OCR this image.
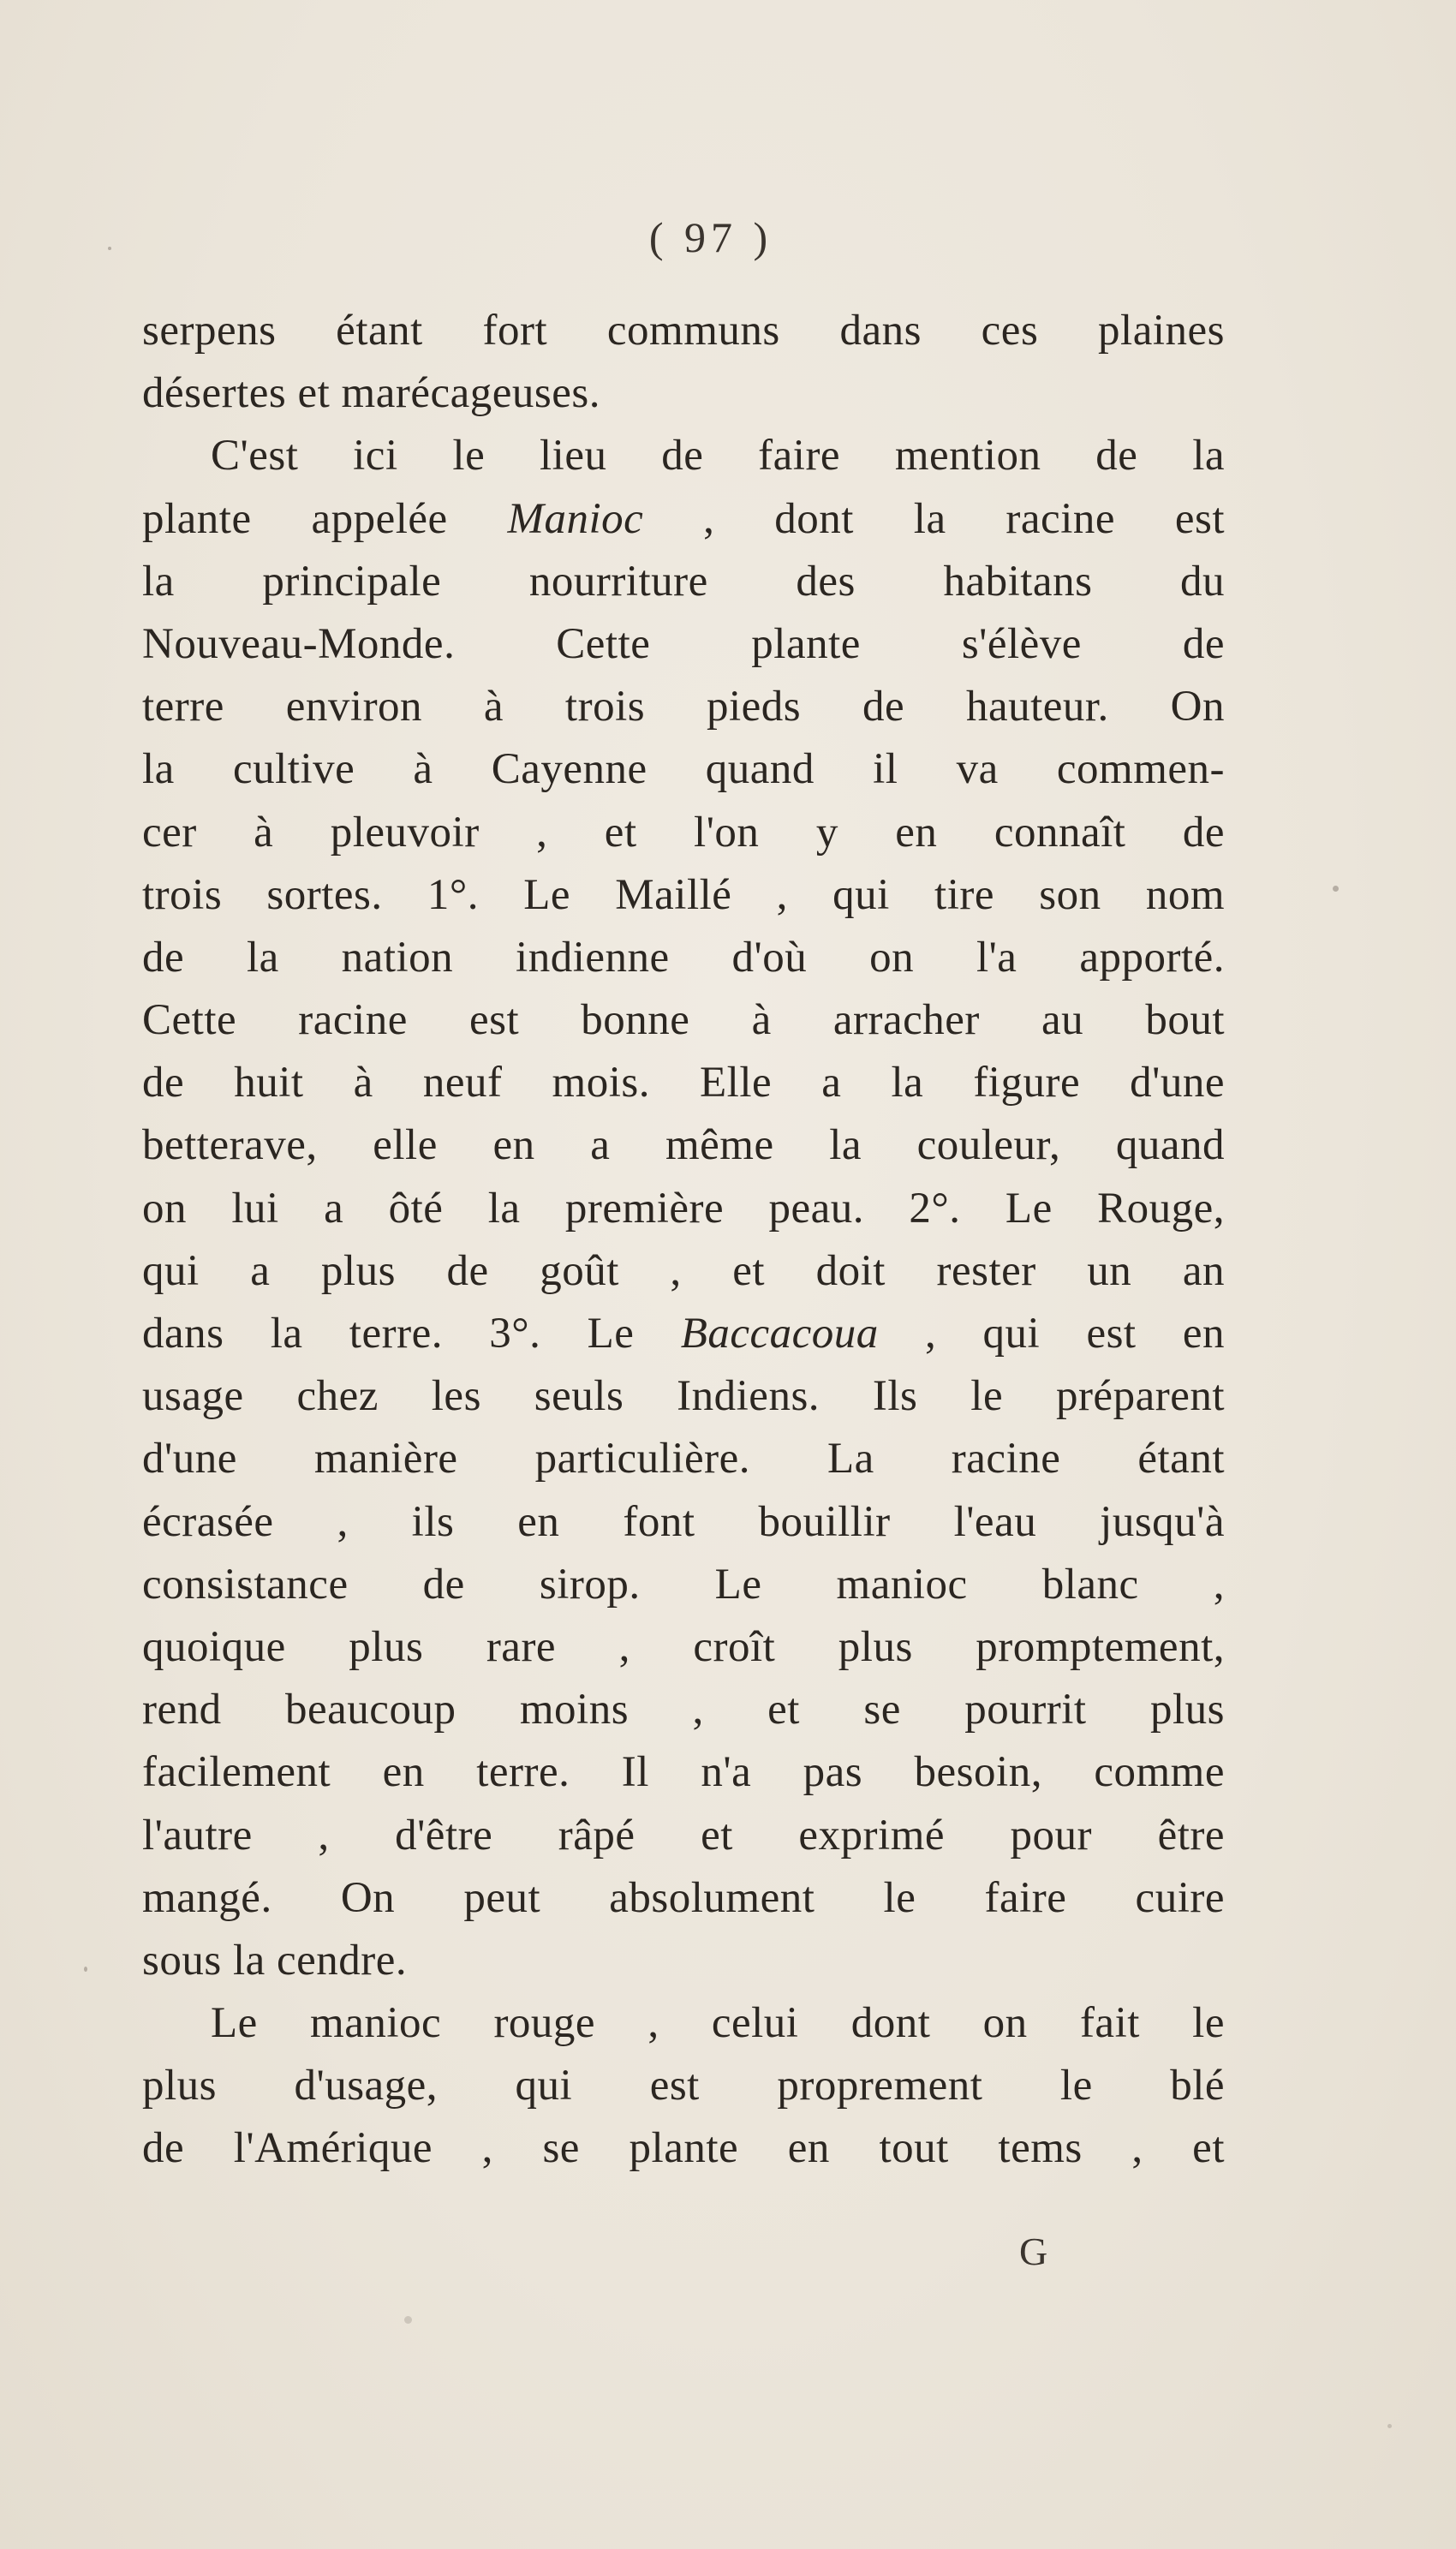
( 97 )
serpens étant fort communs dans ces plaines
désertes et marécageuses.
C'est ici le lieu de faire mention de la
plante appelée Manioc , dont la racine est
la principale nourriture des habitans du
Nouveau-Monde. Cette plante s'élève de
terre environ à trois pieds de hauteur. On
la cultive à Cayenne quand il va commen-
cer à pleuvoir , et l'on y en connaît de
trois sortes. 1°. Le Maillé , qui tire son nom
de la nation indienne d'où on l'a apporté.
Cette racine est bonne à arracher au bout
de huit à neuf mois. Elle a la figure d'une
betterave, elle en a même la couleur, quand
on lui a ôté la première peau. 2°. Le Rouge,
qui a plus de goût , et doit rester un an
dans la terre. 3°. Le Baccacoua , qui est en
usage chez les seuls Indiens. Ils le préparent
d'une manière particulière. La racine étant
écrasée , ils en font bouillir l'eau jusqu'à
consistance de sirop. Le manioc blanc ,
quoique plus rare , croît plus promptement,
rend beaucoup moins , et se pourrit plus
facilement en terre. Il n'a pas besoin, comme
l'autre , d'être râpé et exprimé pour être
mangé. On peut absolument le faire cuire
sous la cendre.
Le manioc rouge , celui dont on fait le
plus d'usage, qui est proprement le blé
de l'Amérique , se plante en tout tems , et
G
